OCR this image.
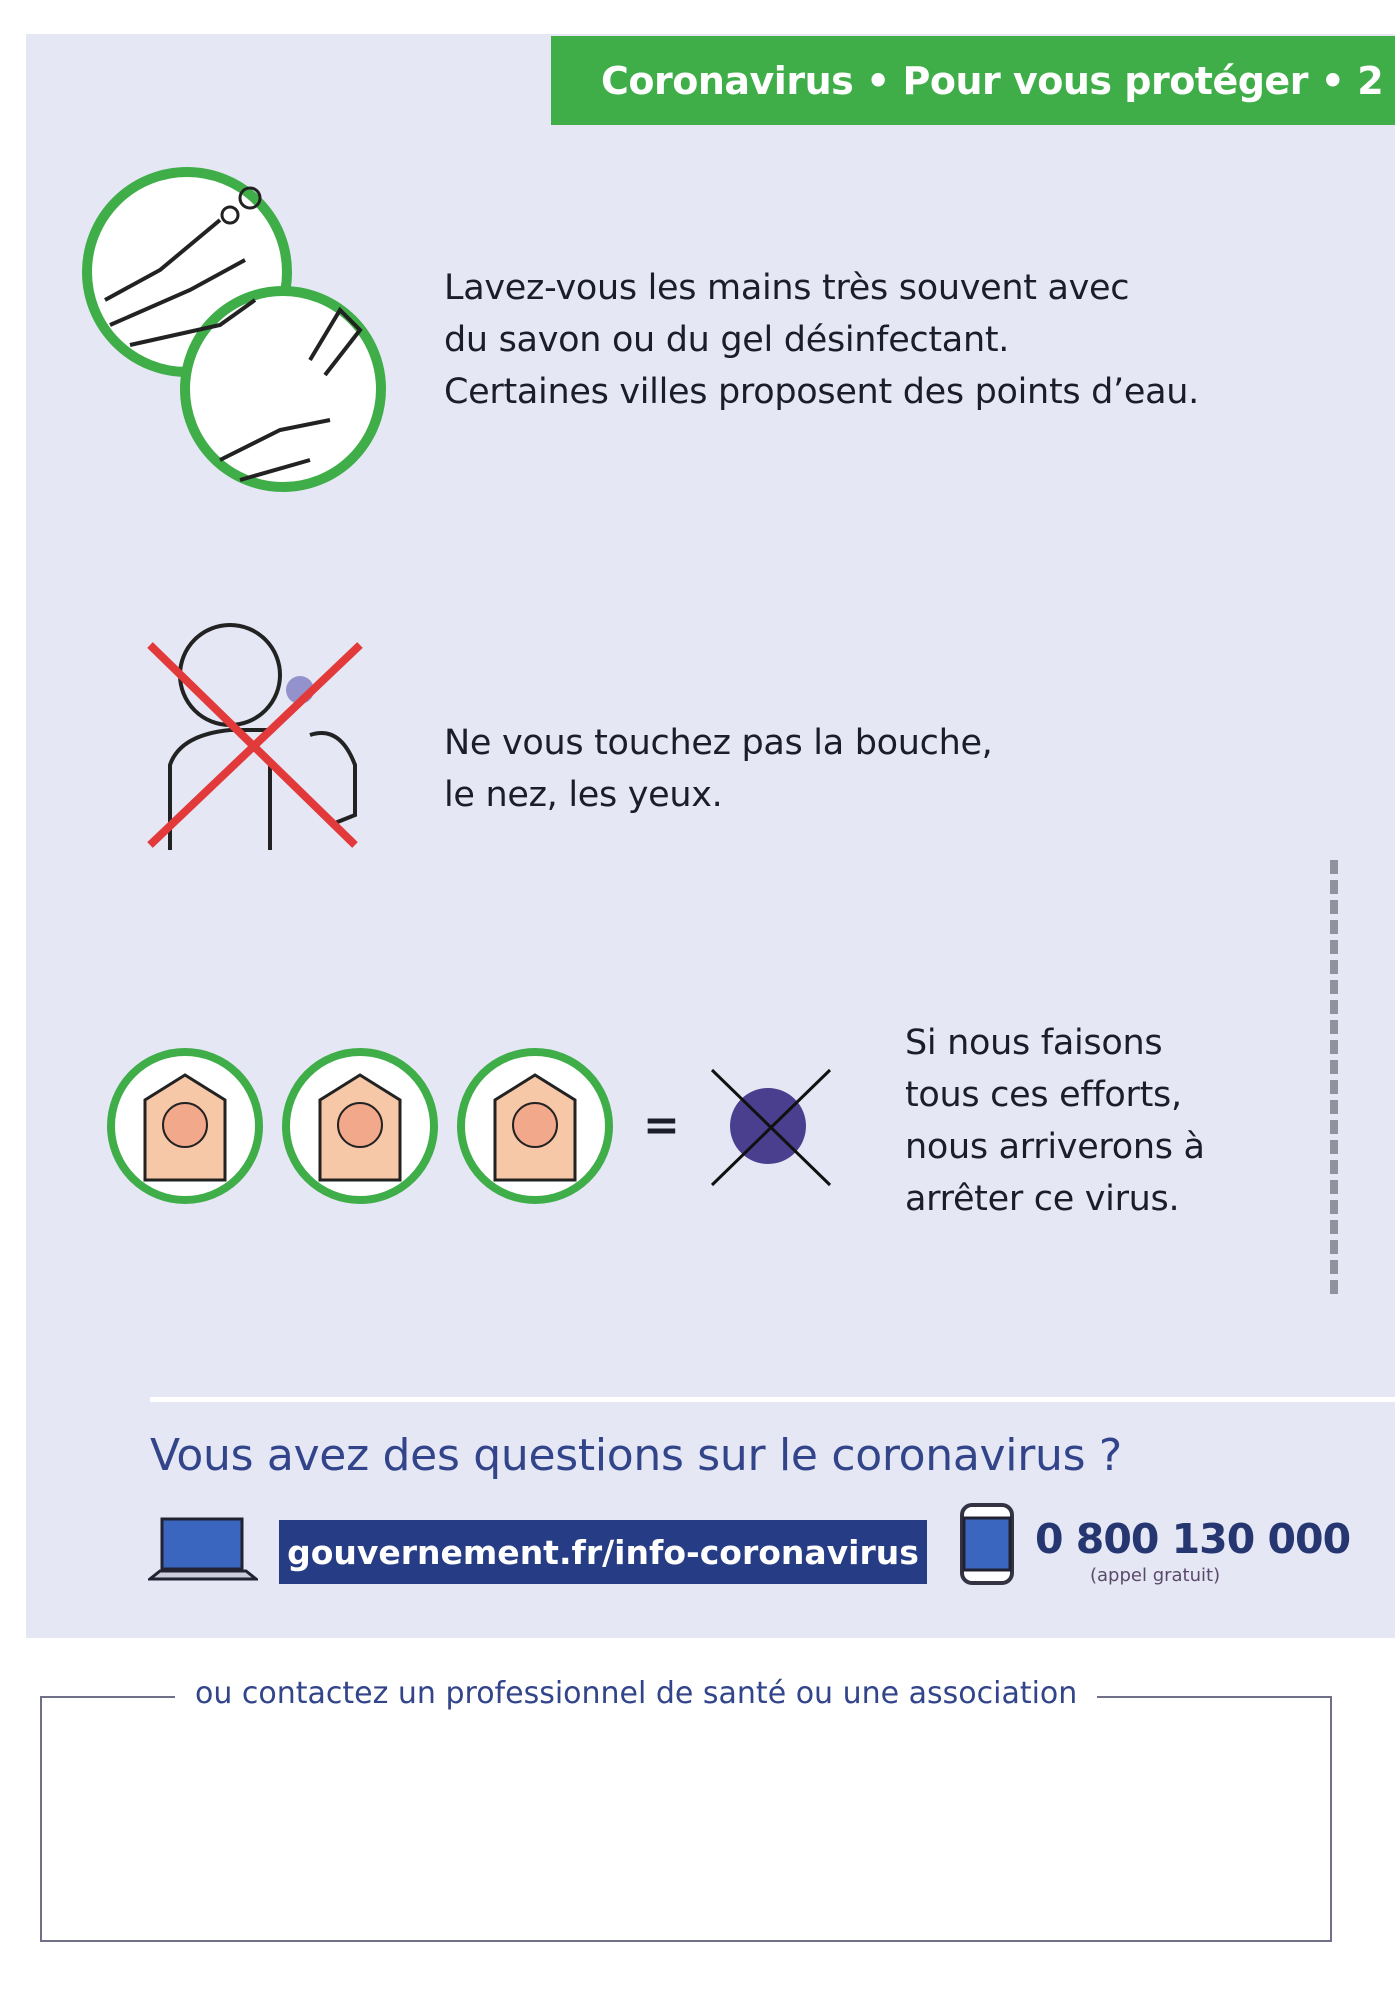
Coronavirus • Pour vous protéger • 2
Lavez-vous les mains très souvent avec
du savon ou du gel désinfectant.
Certaines villes proposent des points d’eau.
Ne vous touchez pas la bouche,
le nez, les yeux.
=
Si nous faisons
tous ces efforts,
nous arriverons à
arrêter ce virus.
Vous avez des questions sur le coronavirus ?
gouvernement.fr/info-coronavirus	0 800 130 000
(appel gratuit)
ou contactez un professionnel de santé ou une association
